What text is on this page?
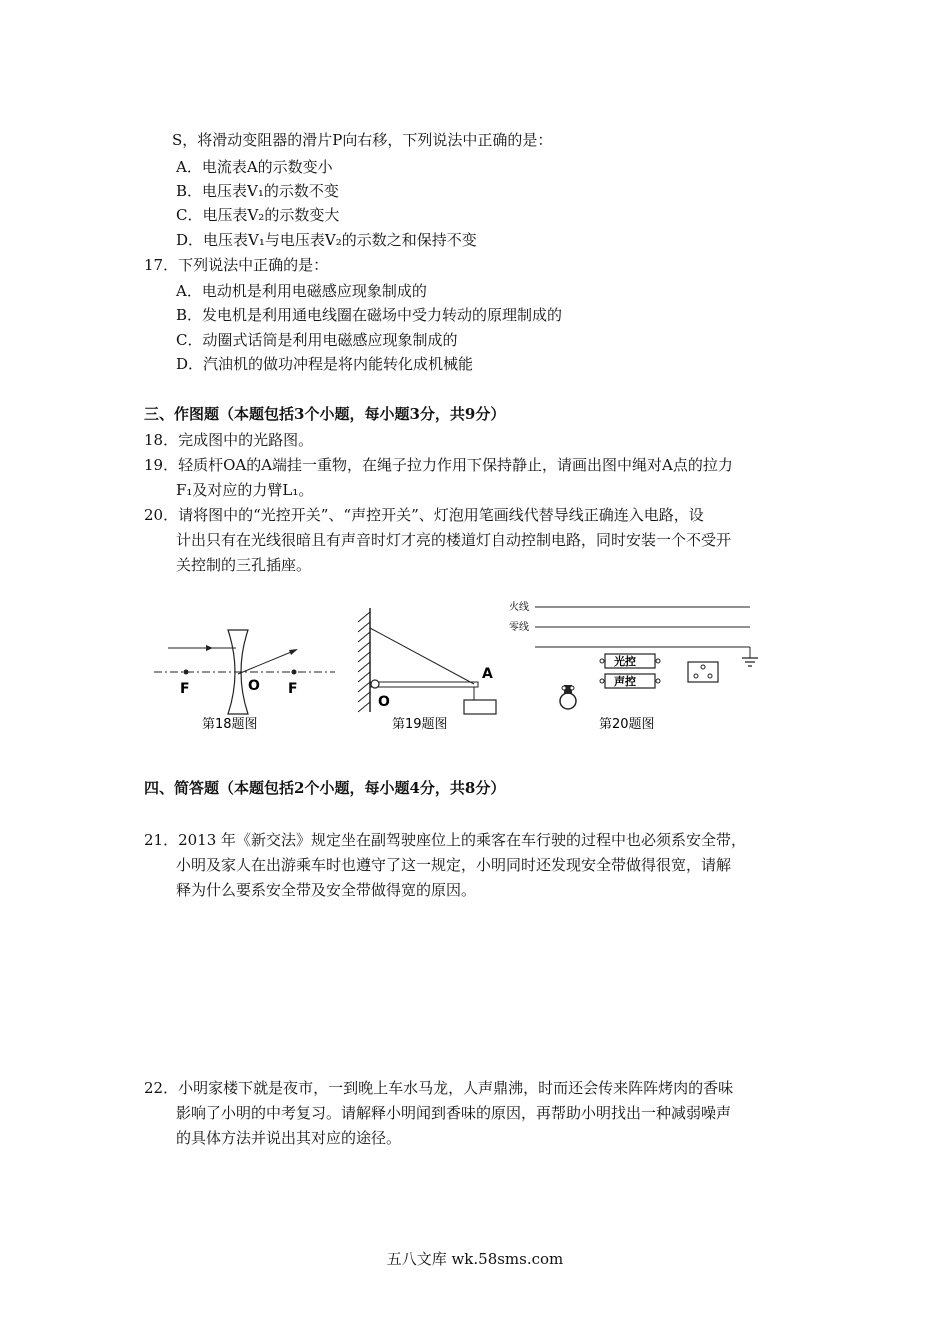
S，将滑动变阻器的滑片P向右移，下列说法中正确的是：
A．电流表A的示数变小
B．电压表V₁的示数不变
C．电压表V₂的示数变大
D．电压表V₁与电压表V₂的示数之和保持不变
17．下列说法中正确的是：
A．电动机是利用电磁感应现象制成的
B．发电机是利用通电线圈在磁场中受力转动的原理制成的
C．动圈式话筒是利用电磁感应现象制成的
D．汽油机的做功冲程是将内能转化成机械能
三、作图题（本题包括3个小题，每小题3分，共9分）
18．完成图中的光路图。
19．轻质杆OA的A端挂一重物，在绳子拉力作用下保持静止，请画出图中绳对A点的拉力
F₁及对应的力臂L₁。
20．请将图中的“光控开关”、“声控开关”、灯泡用笔画线代替导线正确连入电路，设
计出只有在光线很暗且有声音时灯才亮的楼道灯自动控制电路，同时安装一个不受开
关控制的三孔插座。
F	O F
第18题图
A
O
第19题图
火线
零线
光控
声控
第20题图
四、简答题（本题包括2个小题，每小题4分，共8分）
21．2013 年《新交法》规定坐在副驾驶座位上的乘客在车行驶的过程中也必须系安全带，
小明及家人在出游乘车时也遵守了这一规定，小明同时还发现安全带做得很宽，请解
释为什么要系安全带及安全带做得宽的原因。
22．小明家楼下就是夜市，一到晚上车水马龙，人声鼎沸，时而还会传来阵阵烤肉的香味
影响了小明的中考复习。请解释小明闻到香味的原因，再帮助小明找出一种减弱噪声
的具体方法并说出其对应的途径。
五八文库 wk.58sms.com
